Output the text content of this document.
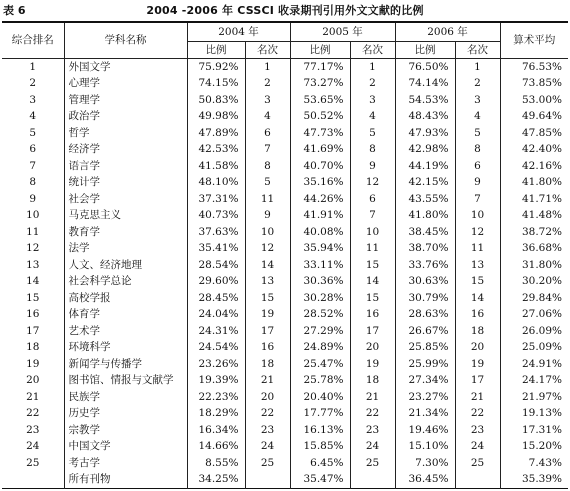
表 6	2004 -2006 年 CSSCI 收录期刊引用外文文献的比例
综合排名	学科名称	2004 年		2005 年		2006 年		算术平均
		比例	名次	比例	名次	比例	名次	
1	外国文学	75.92%	1	77.17%	1	76.50%	1	76.53%
2	心理学	74.15%	2	73.27%	2	74.14%	2	73.85%
3	管理学	50.83%	3	53.65%	3	54.53%	3	53.00%
4	政治学	49.98%	4	50.52%	4	48.43%	4	49.64%
5	哲学	47.89%	6	47.73%	5	47.93%	5	47.85%
6	经济学	42.53%	7	41.69%	8	42.98%	8	42.40%
7	语言学	41.58%	8	40.70%	9	44.19%	6	42.16%
8	统计学	48.10%	5	35.16%	12	42.15%	9	41.80%
9	社会学	37.31%	11	44.26%	6	43.55%	7	41.71%
10	马克思主义	40.73%	9	41.91%	7	41.80%	10	41.48%
11	教育学	37.63%	10	40.08%	10	38.45%	12	38.72%
12	法学	35.41%	12	35.94%	11	38.70%	11	36.68%
13	人文、经济地理	28.54%	14	33.11%	15	33.76%	13	31.80%
14	社会科学总论	29.60%	13	30.36%	14	30.63%	15	30.20%
15	高校学报	28.45%	15	30.28%	15	30.79%	14	29.84%
16	体育学	24.04%	19	28.52%	16	28.63%	16	27.06%
17	艺术学	24.31%	17	27.29%	17	26.67%	18	26.09%
18	环境科学	24.54%	16	24.89%	20	25.85%	20	25.09%
19	新闻学与传播学	23.26%	18	25.47%	19	25.99%	19	24.91%
20	图书馆、情报与文献学	19.39%	21	25.78%	18	27.34%	17	24.17%
21	民族学	22.23%	20	20.40%	21	23.27%	21	21.97%
22	历史学	18.29%	22	17.77%	22	21.34%	22	19.13%
23	宗教学	16.34%	23	16.13%	23	19.46%	23	17.31%
24	中国文学	14.66%	24	15.85%	24	15.10%	24	15.20%
25	考古学	8.55%	25	6.45%	25	7.30%	25	7.43%
	所有刊物	34.25%		35.47%		36.45%		35.39%
